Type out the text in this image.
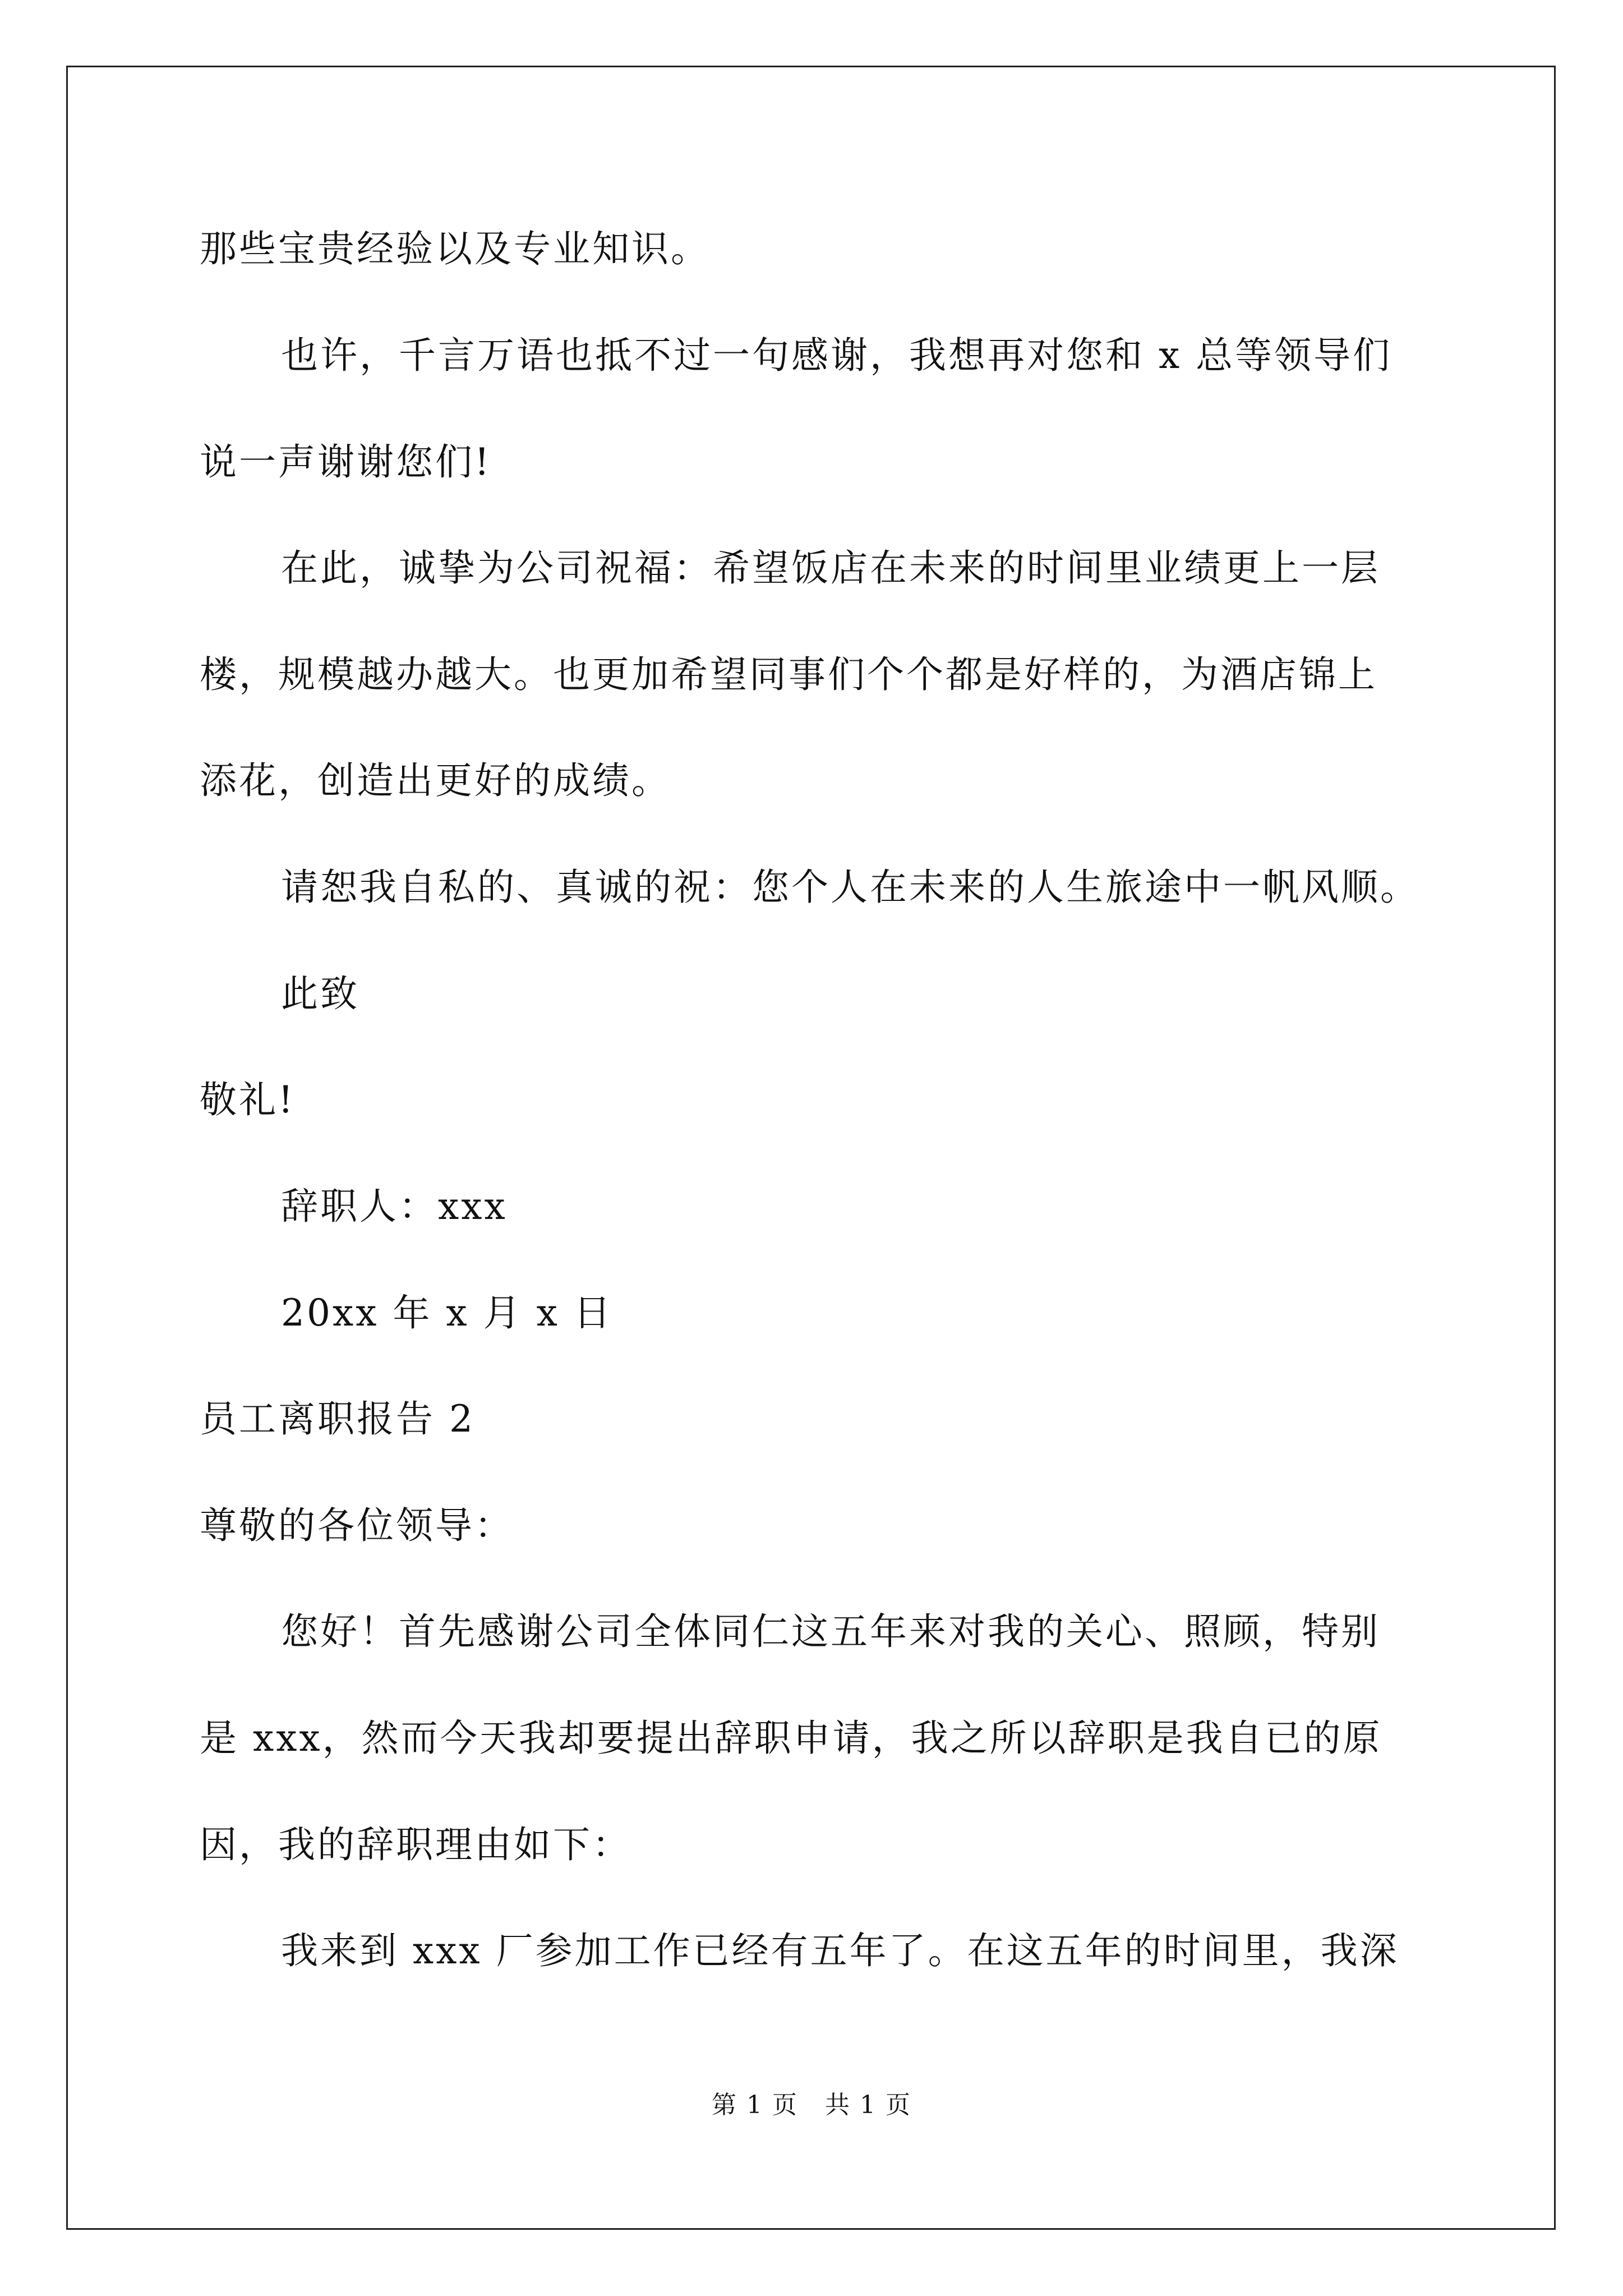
那些宝贵经验以及专业知识。
也许，千言万语也抵不过一句感谢，我想再对您和 x 总等领导们
说一声谢谢您们!
在此，诚挚为公司祝福：希望饭店在未来的时间里业绩更上一层
楼，规模越办越大。也更加希望同事们个个都是好样的，为酒店锦上
添花，创造出更好的成绩。
请恕我自私的、真诚的祝：您个人在未来的人生旅途中一帆风顺。
此致
敬礼!
辞职人：xxx
20xx 年 x 月 x 日
员工离职报告 2
尊敬的各位领导：
您好！首先感谢公司全体同仁这五年来对我的关心、照顾，特别
是 xxx，然而今天我却要提出辞职申请，我之所以辞职是我自已的原
因，我的辞职理由如下：
我来到 xxx 厂参加工作已经有五年了。在这五年的时间里，我深
第 1 页   共 1 页
